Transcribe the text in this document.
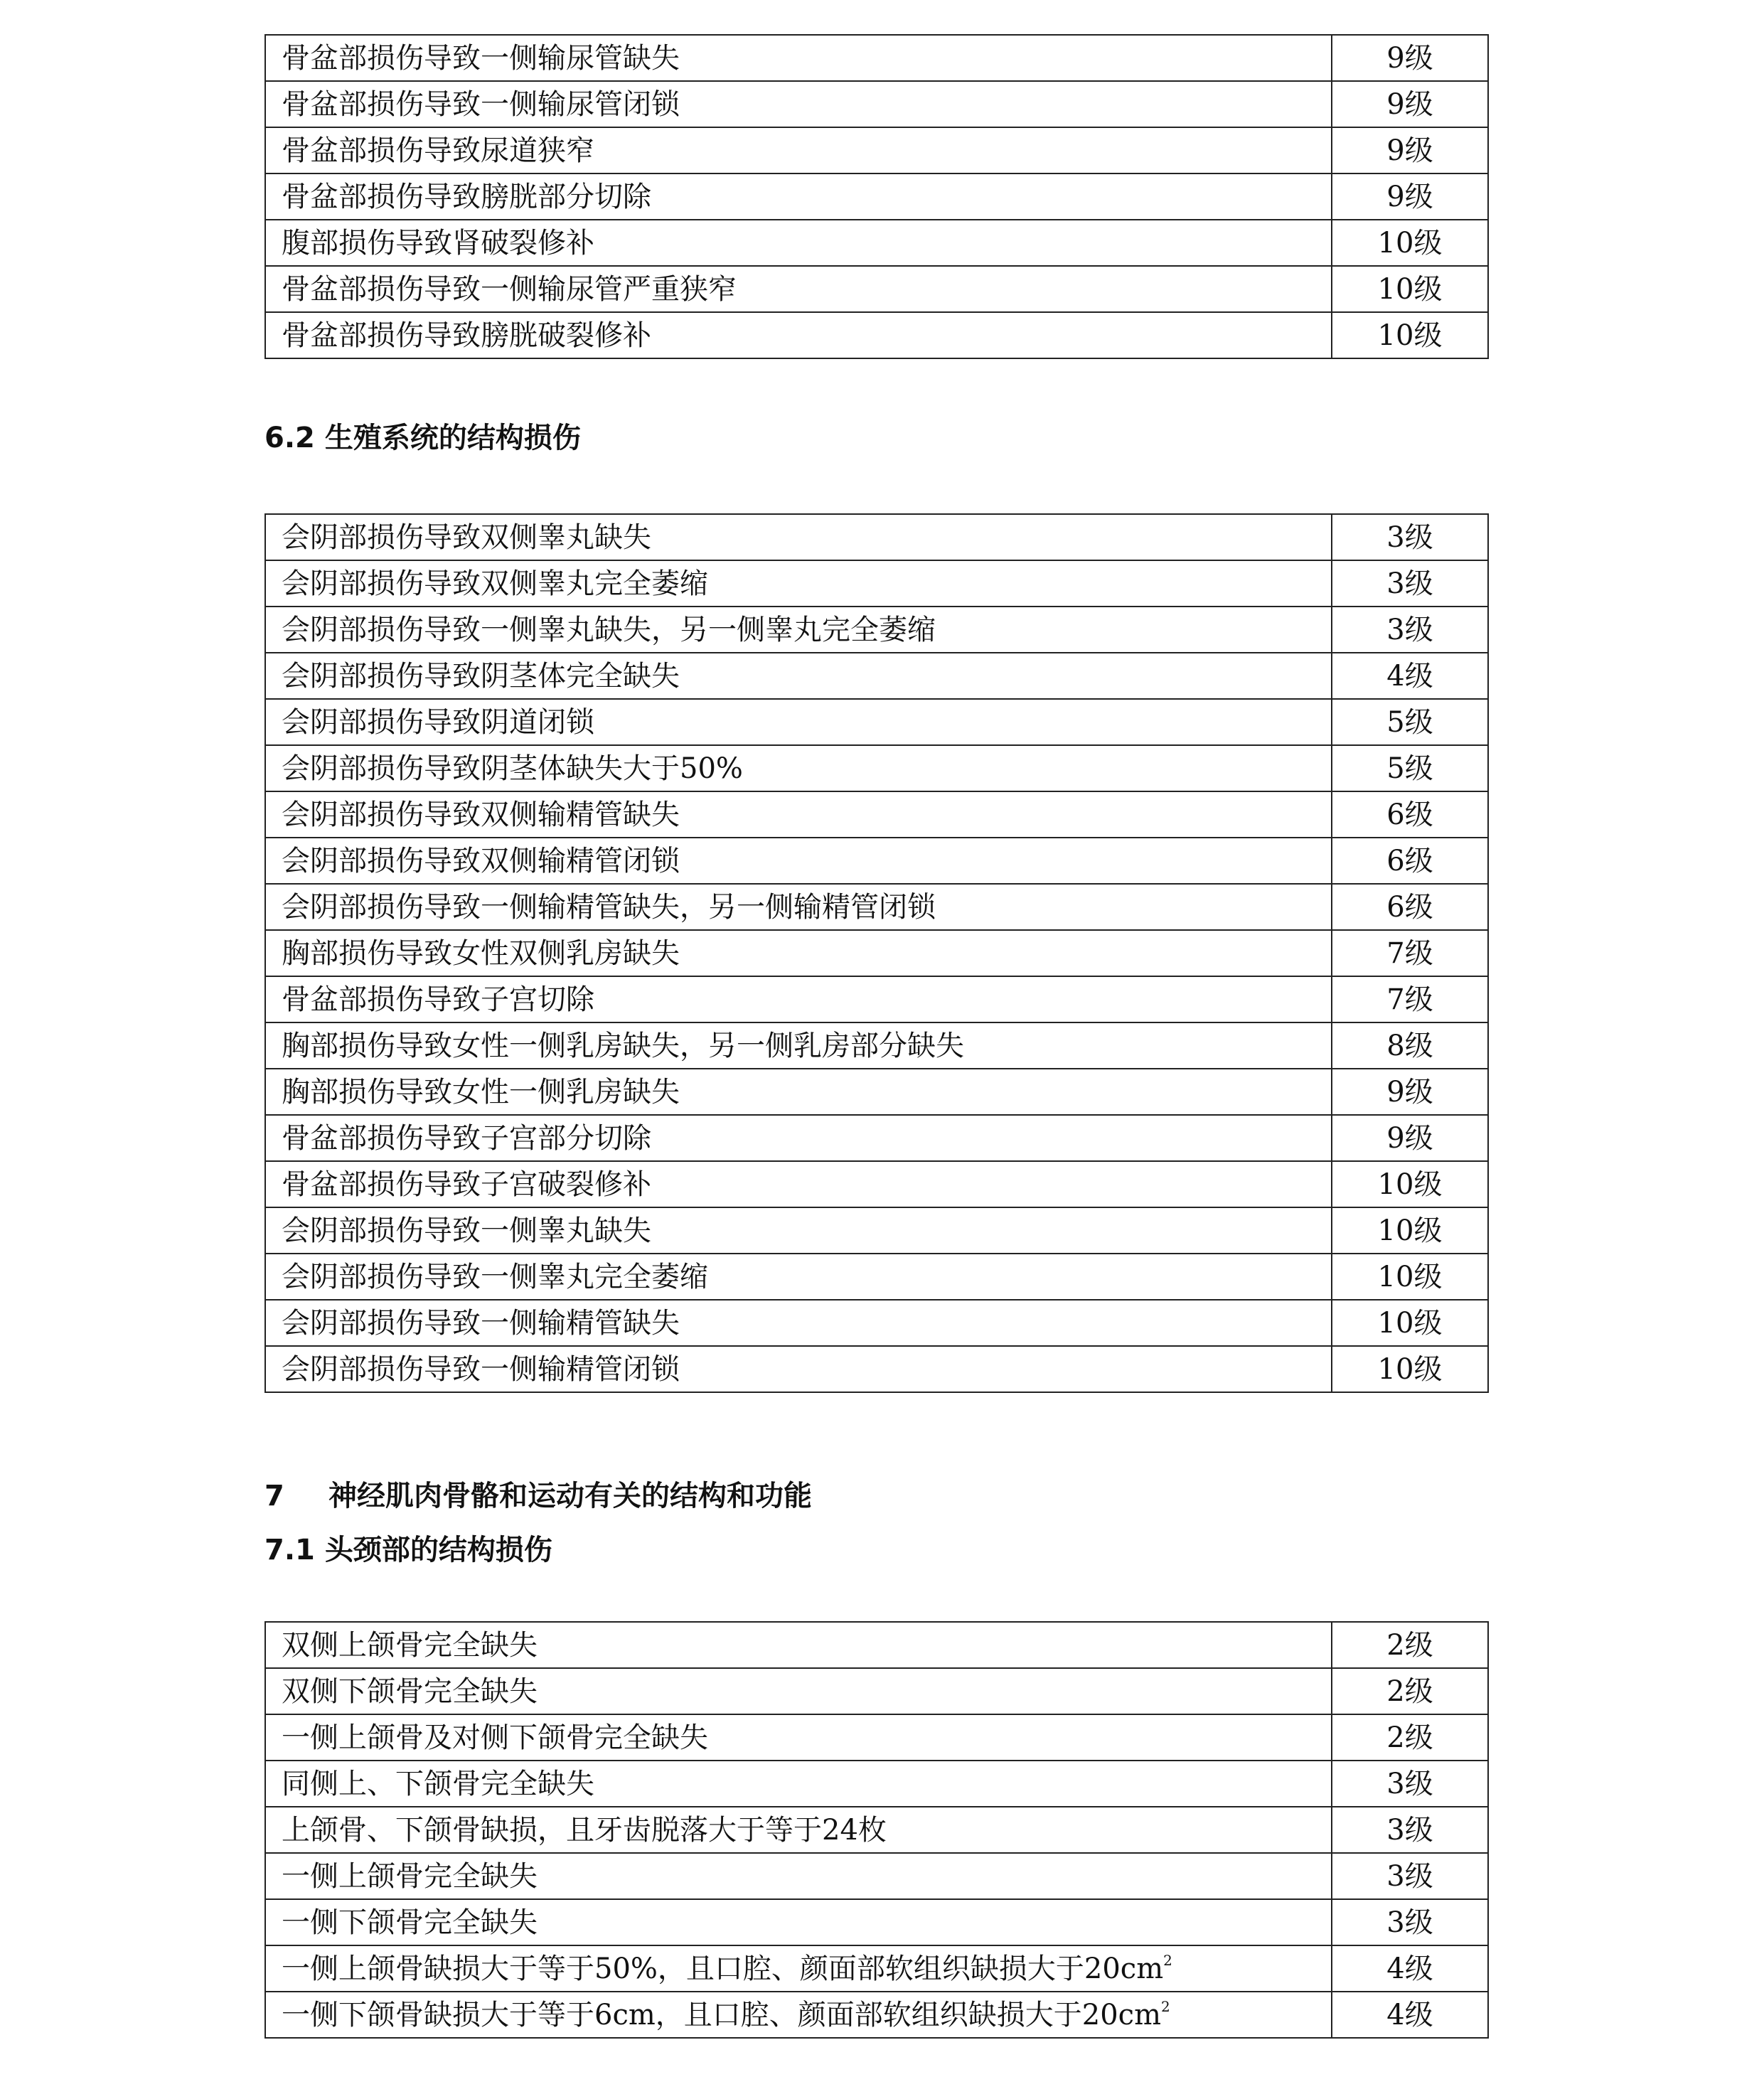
骨盆部损伤导致一侧输尿管缺失	9级
骨盆部损伤导致一侧输尿管闭锁	9级
骨盆部损伤导致尿道狭窄	9级
骨盆部损伤导致膀胱部分切除	9级
腹部损伤导致肾破裂修补	10级
骨盆部损伤导致一侧输尿管严重狭窄	10级
骨盆部损伤导致膀胱破裂修补	10级
6.2 生殖系统的结构损伤
会阴部损伤导致双侧睾丸缺失	3级
会阴部损伤导致双侧睾丸完全萎缩	3级
会阴部损伤导致一侧睾丸缺失，另一侧睾丸完全萎缩	3级
会阴部损伤导致阴茎体完全缺失	4级
会阴部损伤导致阴道闭锁	5级
会阴部损伤导致阴茎体缺失大于50%	5级
会阴部损伤导致双侧输精管缺失	6级
会阴部损伤导致双侧输精管闭锁	6级
会阴部损伤导致一侧输精管缺失，另一侧输精管闭锁	6级
胸部损伤导致女性双侧乳房缺失	7级
骨盆部损伤导致子宫切除	7级
胸部损伤导致女性一侧乳房缺失，另一侧乳房部分缺失	8级
胸部损伤导致女性一侧乳房缺失	9级
骨盆部损伤导致子宫部分切除	9级
骨盆部损伤导致子宫破裂修补	10级
会阴部损伤导致一侧睾丸缺失	10级
会阴部损伤导致一侧睾丸完全萎缩	10级
会阴部损伤导致一侧输精管缺失	10级
会阴部损伤导致一侧输精管闭锁	10级
7 神经肌肉骨骼和运动有关的结构和功能
7.1 头颈部的结构损伤
双侧上颌骨完全缺失	2级
双侧下颌骨完全缺失	2级
一侧上颌骨及对侧下颌骨完全缺失	2级
同侧上、下颌骨完全缺失	3级
上颌骨、下颌骨缺损，且牙齿脱落大于等于24枚	3级
一侧上颌骨完全缺失	3级
一侧下颌骨完全缺失	3级
一侧上颌骨缺损大于等于50%，且口腔、颜面部软组织缺损大于$20cm^2$	4级
一侧下颌骨缺损大于等于6cm，且口腔、颜面部软组织缺损大于$20cm^2$	4级
